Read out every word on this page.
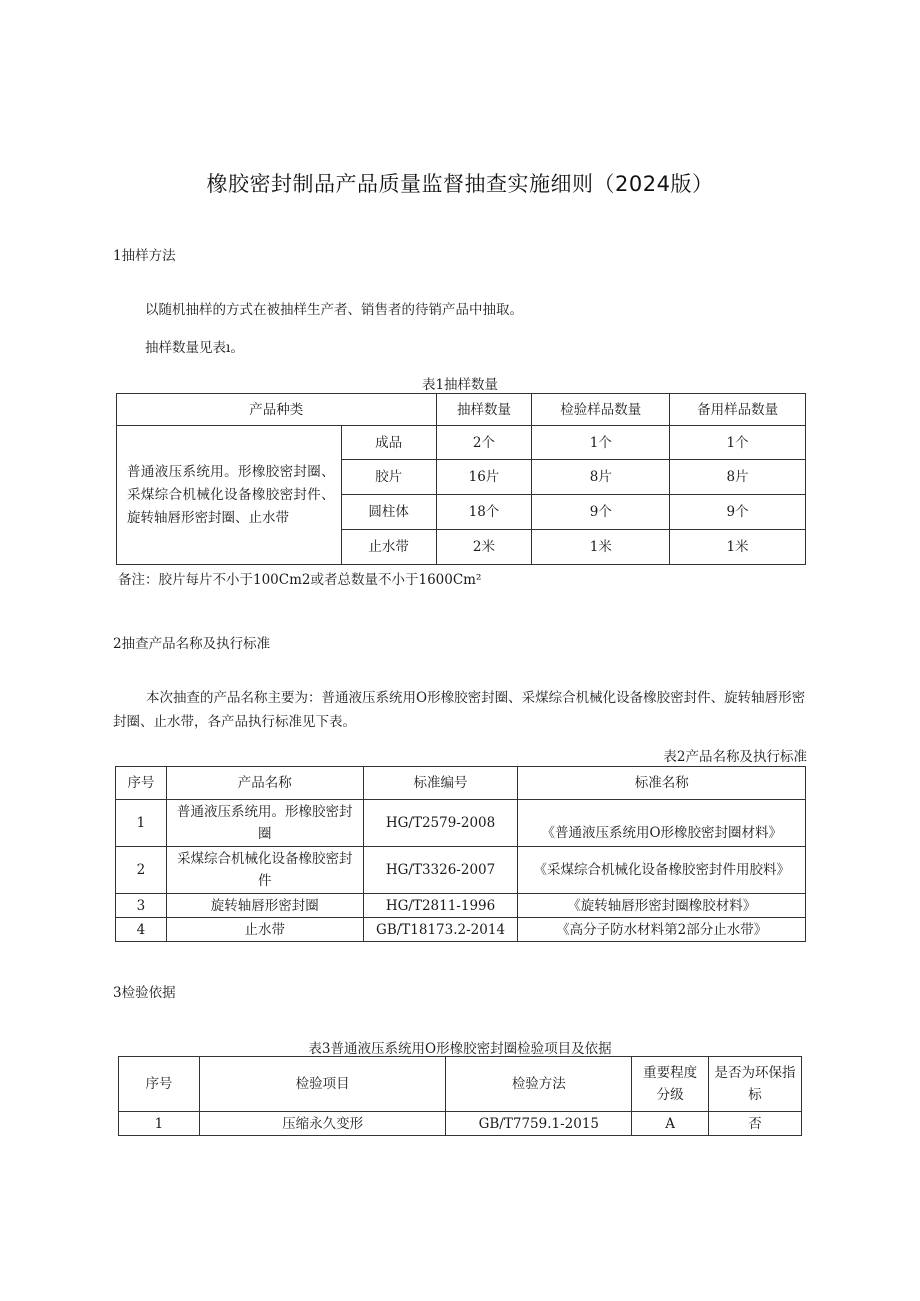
橡胶密封制品产品质量监督抽查实施细则（2024版）
1抽样方法
以随机抽样的方式在被抽样生产者、销售者的待销产品中抽取。
抽样数量见表ı。
表1抽样数量
产品种类		抽样数量	检验样品数量	备用样品数量
普通液压系统用。形橡胶密封圈、采煤综合机械化设备橡胶密封件、旋转轴唇形密封圈、止水带	成品	2个	1个	1个
	胶片	16片	8片	8片
	圆柱体	18个	9个	9个
	止水带	2米	1米	1米
备注：胶片每片不小于100Cm2或者总数量不小于1600Cm²
2抽查产品名称及执行标准
本次抽查的产品名称主要为：普通液压系统用O形橡胶密封圈、采煤综合机械化设备橡胶密封件、旋转轴唇形密封圈、止水带，各产品执行标准见下表。
表2产品名称及执行标准
序号	产品名称	标准编号	标准名称
1	普通液压系统用。形橡胶密封圈	HG/T2579-2008	《普通液压系统用O形橡胶密封圈材料》
2	采煤综合机械化设备橡胶密封件	HG/T3326-2007	《采煤综合机械化设备橡胶密封件用胶料》
3	旋转轴唇形密封圈	HG/T2811-1996	《旋转轴唇形密封圈橡胶材料》
4	止水带	GB/T18173.2-2014	《高分子防水材料第2部分止水带》
3检验依据
表3普通液压系统用O形橡胶密封圈检验项目及依据
序号	检验项目	检验方法	重要程度分级	是否为环保指标
1	压缩永久变形	GB/T7759.1-2015	A	否
